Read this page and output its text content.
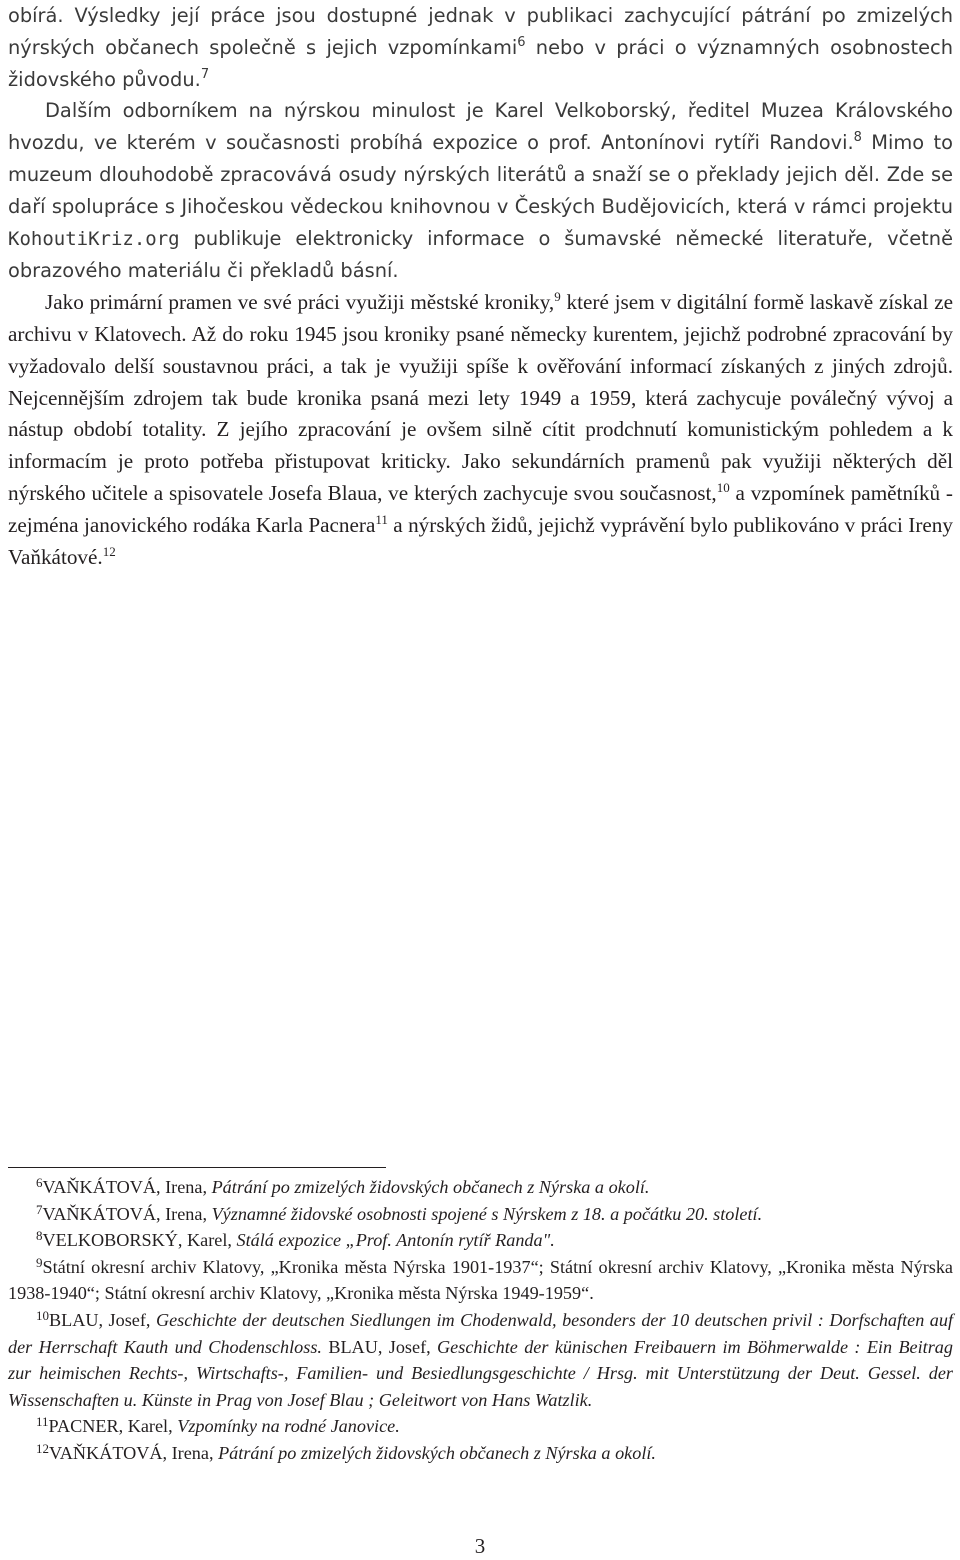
obírá. Výsledky její práce jsou dostupné jednak v publikaci zachycující pátrání po zmizelých nýrských občanech společně s jejich vzpomínkami$^6$ nebo v práci o významných osobnostech židovského původu.$^7$

Dalším odborníkem na nýrskou minulost je Karel Velkoborský, ředitel Muzea Královského hvozdu, ve kterém v současnosti probíhá expozice o prof. Antonínovi rytíři Randovi.$^8$ Mimo to muzeum dlouhodobě zpracovává osudy nýrských literátů a snaží se o překlady jejich děl. Zde se daří spolupráce s Jihočeskou vědeckou knihovnou v Českých Budějovicích, která v rámci projektu KohoutiKriz.org publikuje elektronicky informace o šumavské německé literatuře, včetně obrazového materiálu či překladů básní.

Jako primární pramen ve své práci využiji městské kroniky,$^9$ které jsem v digitální formě laskavě získal ze archivu v Klatovech. Až do roku 1945 jsou kroniky psané německy kurentem, jejichž podrobné zpracování by vyžadovalo delší soustavnou práci, a tak je využiji spíše k ověřování informací získaných z jiných zdrojů. Nejcennějším zdrojem tak bude kronika psaná mezi lety 1949 a 1959, která zachycuje poválečný vývoj a nástup období totality. Z jejího zpracování je ovšem silně cítit prodchnutí komunistickým pohledem a k informacím je proto potřeba přistupovat kriticky. Jako sekundárních pramenů pak využiji některých děl nýrského učitele a spisovatele Josefa Blaua, ve kterých zachycuje svou současnost,$^{10}$ a vzpomínek pamětníků - zejména janovického rodáka Karla Pacnera$^{11}$ a nýrských židů, jejichž vyprávění bylo publikováno v práci Ireny Vaňkátové.$^{12}$

$^6$VAŇKÁTOVÁ, Irena, Pátrání po zmizelých židovských občanech z Nýrska a okolí.

$^7$VAŇKÁTOVÁ, Irena, Významné židovské osobnosti spojené s Nýrskem z 18. a počátku 20. století.

$^8$VELKOBORSKÝ, Karel, Stálá expozice „Prof. Antonín rytíř Randa".

$^9$Státní okresní archiv Klatovy, „Kronika města Nýrska 1901-1937“; Státní okresní archiv Klatovy, „Kronika města Nýrska 1938-1940“; Státní okresní archiv Klatovy, „Kronika města Nýrska 1949-1959“.

$^{10}$BLAU, Josef, Geschichte der deutschen Siedlungen im Chodenwald, besonders der 10 deutschen privil : Dorfschaften auf der Herrschaft Kauth und Chodenschloss. BLAU, Josef, Geschichte der künischen Freibauern im Böhmerwalde : Ein Beitrag zur heimischen Rechts-, Wirtschafts-, Familien- und Besiedlungsgeschichte / Hrsg. mit Unterstützung der Deut. Gessel. der Wissenschaften u. Künste in Prag von Josef Blau ; Geleitwort von Hans Watzlik.

$^{11}$PACNER, Karel, Vzpomínky na rodné Janovice.

$^{12}$VAŇKÁTOVÁ, Irena, Pátrání po zmizelých židovských občanech z Nýrska a okolí.

3
